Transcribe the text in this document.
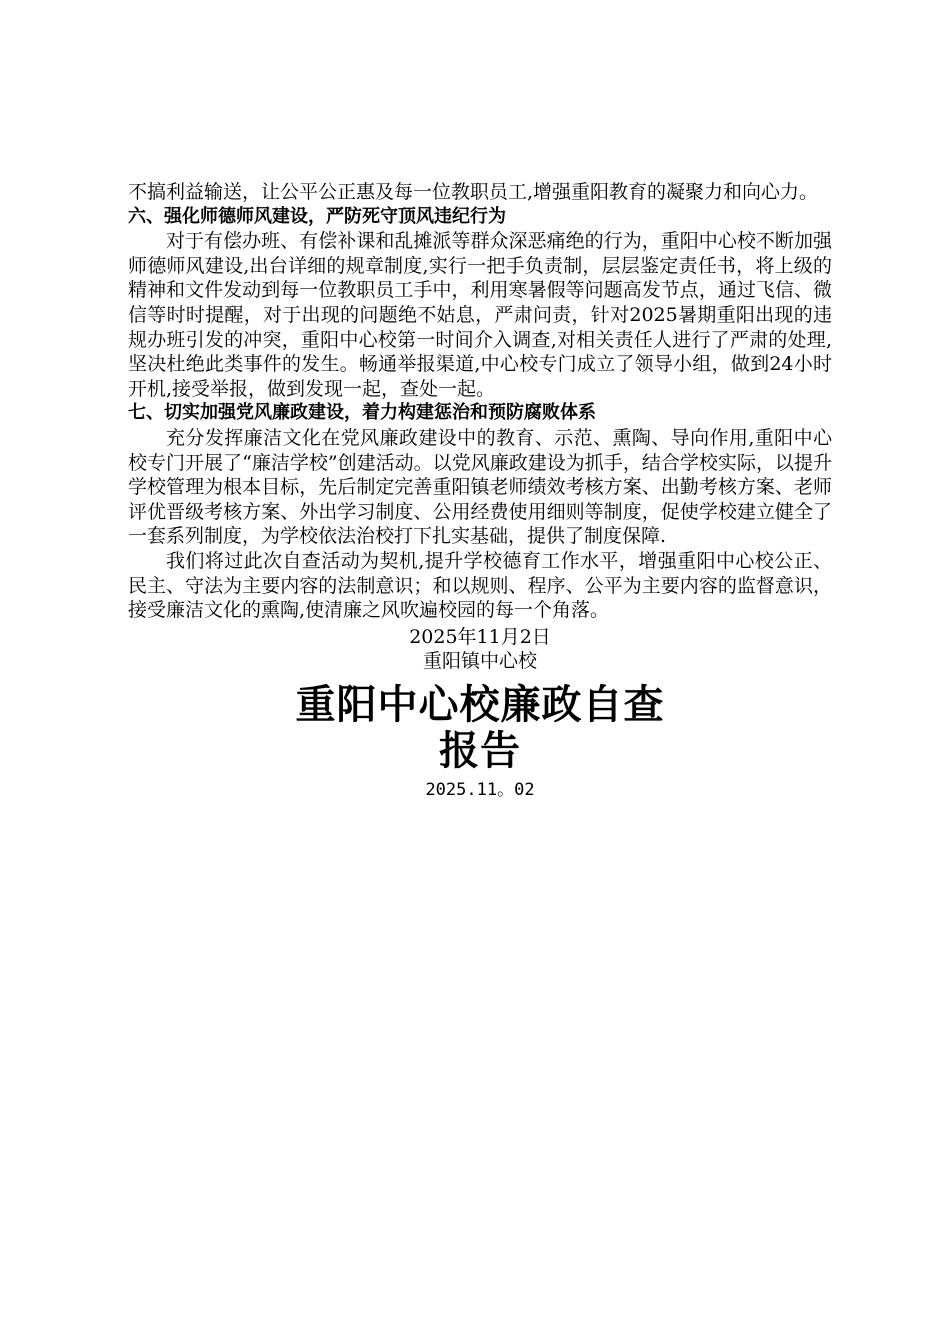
不搞利益输送，让公平公正惠及每一位教职员工,增强重阳教育的凝聚力和向心力。

六、强化师德师风建设，严防死守顶风违纪行为

对于有偿办班、有偿补课和乱摊派等群众深恶痛绝的行为，重阳中心校不断加强师德师风建设,出台详细的规章制度,实行一把手负责制，层层鉴定责任书，将上级的精神和文件发动到每一位教职员工手中，利用寒暑假等问题高发节点，通过飞信、微信等时时提醒，对于出现的问题绝不姑息，严肃问责，针对2025暑期重阳出现的违规办班引发的冲突，重阳中心校第一时间介入调查,对相关责任人进行了严肃的处理,坚决杜绝此类事件的发生。畅通举报渠道,中心校专门成立了领导小组，做到24小时开机,接受举报，做到发现一起，查处一起。

七、切实加强党风廉政建设，着力构建惩治和预防腐败体系

充分发挥廉洁文化在党风廉政建设中的教育、示范、熏陶、导向作用,重阳中心校专门开展了“廉洁学校”创建活动。以党风廉政建设为抓手，结合学校实际，以提升学校管理为根本目标，先后制定完善重阳镇老师绩效考核方案、出勤考核方案、老师评优晋级考核方案、外出学习制度、公用经费使用细则等制度，促使学校建立健全了一套系列制度，为学校依法治校打下扎实基础，提供了制度保障.

我们将过此次自查活动为契机,提升学校德育工作水平，增强重阳中心校公正、民主、守法为主要内容的法制意识；和以规则、程序、公平为主要内容的监督意识，接受廉洁文化的熏陶,使清廉之风吹遍校园的每一个角落。

2025年11月2日

重阳镇中心校

重阳中心校廉政自查

报告

2025.11。02
